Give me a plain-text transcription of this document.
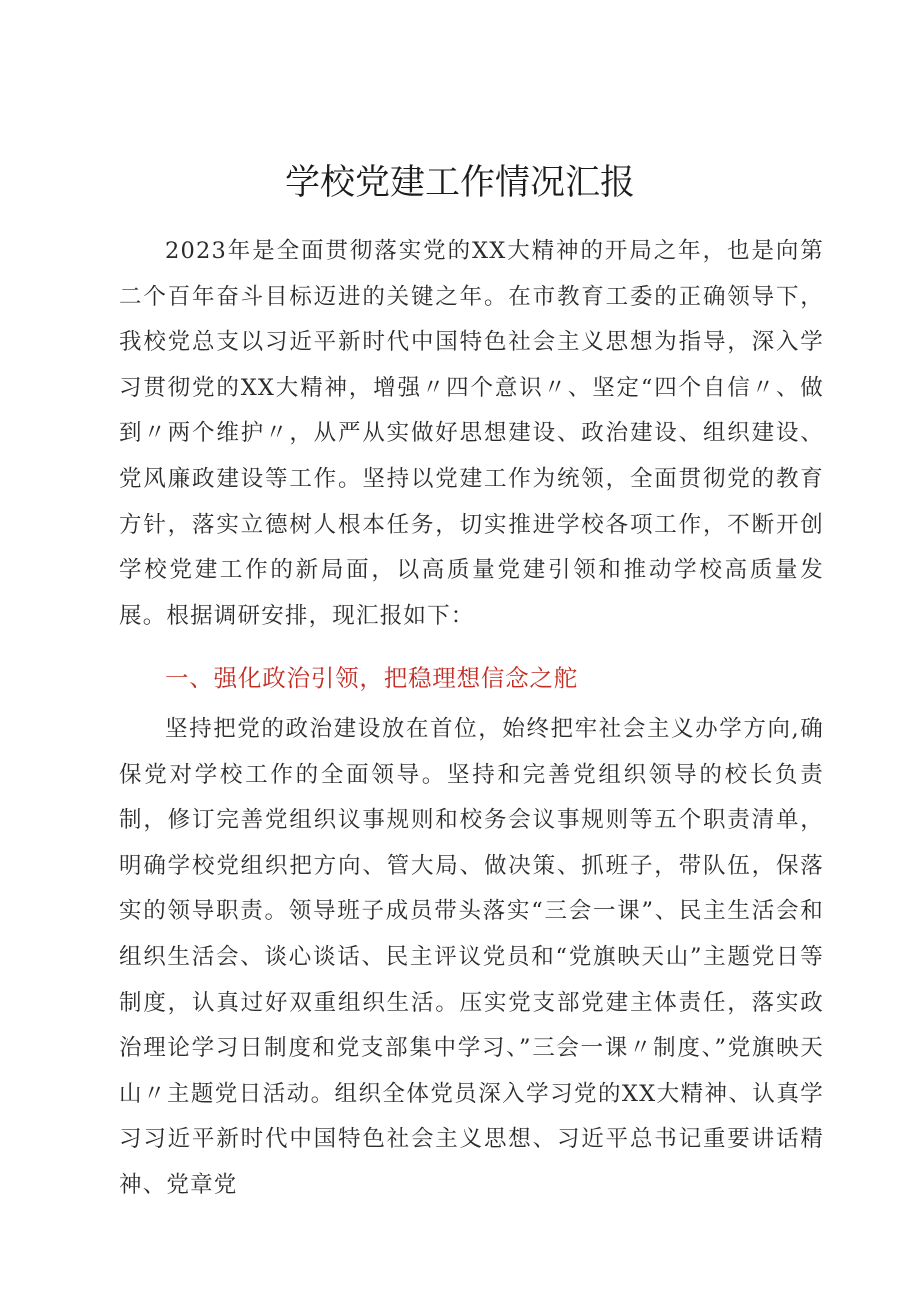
学校党建工作情况汇报

2023年是全面贯彻落实党的XX大精神的开局之年，也是向第二个百年奋斗目标迈进的关键之年。在市教育工委的正确领导下，我校党总支以习近平新时代中国特色社会主义思想为指导，深入学习贯彻党的XX大精神，增强〃四个意识〃、坚定“四个自信〃、做到〃两个维护〃，从严从实做好思想建设、政治建设、组织建设、党风廉政建设等工作。坚持以党建工作为统领，全面贯彻党的教育方针，落实立德树人根本任务，切实推进学校各项工作，不断开创学校党建工作的新局面，以高质量党建引领和推动学校高质量发展。根据调研安排，现汇报如下：

一、强化政治引领，把稳理想信念之舵

坚持把党的政治建设放在首位，始终把牢社会主义办学方向,确保党对学校工作的全面领导。坚持和完善党组织领导的校长负责制，修订完善党组织议事规则和校务会议事规则等五个职责清单，明确学校党组织把方向、管大局、做决策、抓班子，带队伍，保落实的领导职责。领导班子成员带头落实“三会一课”、民主生活会和组织生活会、谈心谈话、民主评议党员和“党旗映天山”主题党日等制度，认真过好双重组织生活。压实党支部党建主体责任，落实政治理论学习日制度和党支部集中学习、”三会一课〃制度、”党旗映天山〃主题党日活动。组织全体党员深入学习党的XX大精神、认真学习习近平新时代中国特色社会主义思想、习近平总书记重要讲话精神、党章党
